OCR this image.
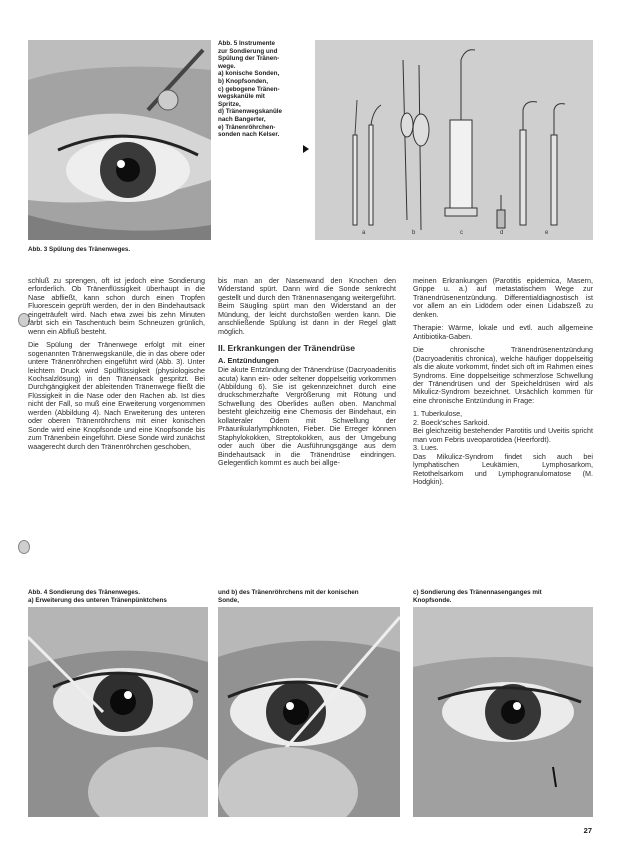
Abb. 5 Instrumente
zur Sondierung und
Spülung der Tränen-
wege.
a) konische Sonden,
b) Knopfsonden,
c) gebogene Tränen-
wegskanüle mit
Spritze,
d) Tränenwegskanüle
nach Bangerter,
e) Tränenröhrchen-
sonden nach Kelser.
a	b	c	d	e
Abb. 3 Spülung des Tränenweges.

schluß zu sprengen, oft ist jedoch eine Sondierung erforderlich. Ob Tränenflüssigkeit überhaupt in die Nase abfließt, kann schon durch einen Tropfen Fluorescein geprüft werden, der in den Bindehautsack eingeträufelt wird. Nach etwa zwei bis zehn Minuten färbt sich ein Taschentuch beim Schneuzen grünlich, wenn ein Abfluß besteht.

Die Spülung der Tränenwege erfolgt mit einer sogenannten Tränenwegskanüle, die in das obere oder untere Tränenröhrchen eingeführt wird (Abb. 3). Unter leichtem Druck wird Spülflüssigkeit (physiologische Kochsalzlösung) in den Tränensack gespritzt. Bei Durchgängigkeit der ableitenden Tränenwege fließt die Flüssigkeit in die Nase oder den Rachen ab. Ist dies nicht der Fall, so muß eine Erweiterung vorgenommen werden (Abbildung 4). Nach Erweiterung des unteren oder oberen Tränenröhrchens mit einer konischen Sonde wird eine Knopfsonde und eine Knopfsonde bis zum Tränenbein eingeführt. Diese Sonde wird zunächst waagerecht durch den Tränenröhrchen geschoben,

bis man an der Nasenwand den Knochen den Widerstand spürt. Dann wird die Sonde senkrecht gestellt und durch den Tränennasengang weitergeführt. Beim Säugling spürt man den Widerstand an der Mündung, der leicht durchstoßen werden kann. Die anschließende Spülung ist dann in der Regel glatt möglich.

II. Erkrankungen der Tränendrüse
A. Entzündungen

Die akute Entzündung der Tränendrüse (Dacryoadenitis acuta) kann ein- oder seltener doppelseitig vorkommen (Abbildung 6). Sie ist gekennzeichnet durch eine druckschmerzhafte Vergrößerung mit Rötung und Schwellung des Oberlides außen oben. Manchmal besteht gleichzeitig eine Chemosis der Bindehaut, ein kollateraler Ödem mit Schwellung der Präaurikularlymphknoten, Fieber. Die Erreger können Staphylokokken, Streptokokken, aus der Umgebung oder auch über die Ausführungsgänge aus dem Bindehautsack in die Tränendrüse eindringen. Gelegentlich kommt es auch bei allge-

meinen Erkrankungen (Parotitis epidemica, Masern, Grippe u. a.) auf metastatischem Wege zur Tränendrüsenentzündung. Differentialdiagnostisch ist vor allem an ein Lidödem oder einen Lidabszeß zu denken.

Therapie: Wärme, lokale und evtl. auch allgemeine Antibiotika-Gaben.

Die chronische Tränendrüsenentzündung (Dacryoadenitis chronica), welche häufiger doppelseitig als die akute vorkommt, findet sich oft im Rahmen eines Syndroms. Eine doppelseitige schmerzlose Schwellung der Tränendrüsen und der Speicheldrüsen wird als Mikulicz-Syndrom bezeichnet. Ursächlich kommen für eine chronische Entzündung in Frage:

1. Tuberkulose,
2. Boeck'sches Sarkoid.
Bei gleichzeitig bestehender Parotitis und Uveitis spricht man vom Febris uveoparotidea (Heerfordt).
3. Lues.
Das Mikulicz-Syndrom findet sich auch bei lymphatischen Leukämien, Lymphosarkom, Retothelsarkom und Lymphogranulomatose (M. Hodgkin).
Abb. 4 Sondierung des Tränenweges.
a) Erweiterung des unteren Tränenpünktchens
und b) des Tränenröhrchens mit der konischen
Sonde,
c) Sondierung des Tränennasenganges mit
Knopfsonde.
27
